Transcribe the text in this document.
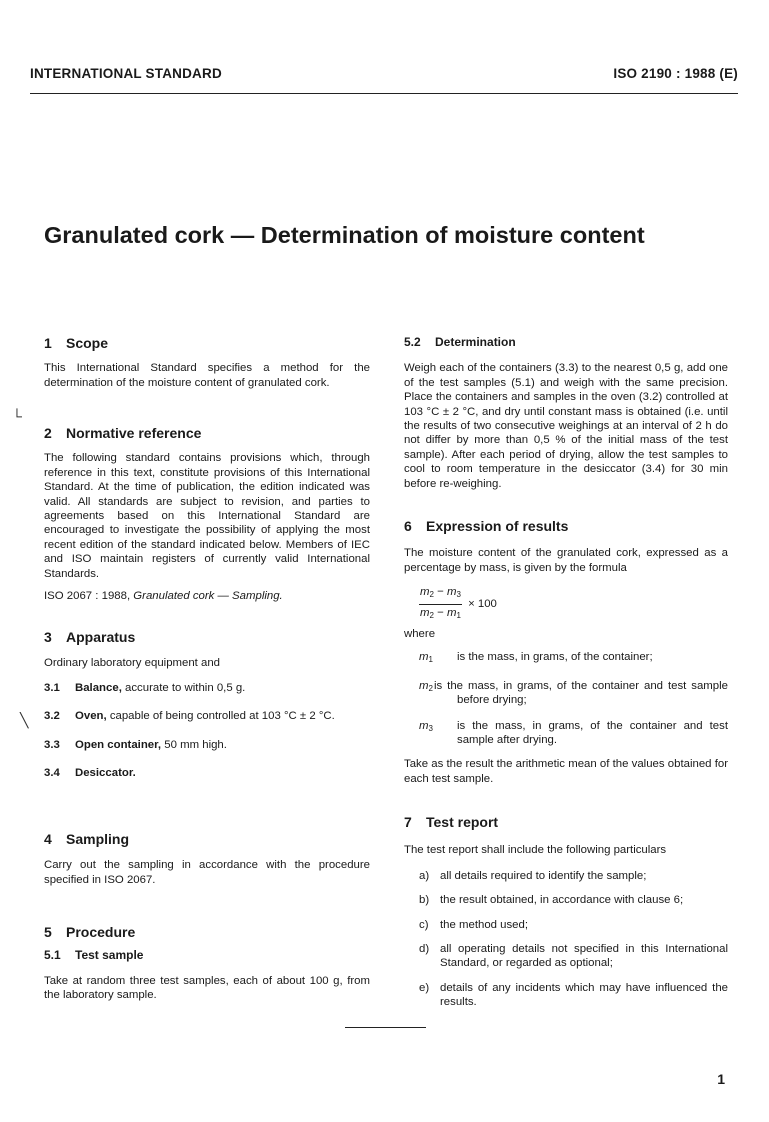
INTERNATIONAL STANDARD	ISO 2190 : 1988 (E)
Granulated cork — Determination of moisture content
└
╲
1 Scope

This International Standard specifies a method for the determination of the moisture content of granulated cork.

2 Normative reference

The following standard contains provisions which, through reference in this text, constitute provisions of this International Standard. At the time of publication, the edition indicated was valid. All standards are subject to revision, and parties to agreements based on this International Standard are encouraged to investigate the possibility of applying the most recent edition of the standard indicated below. Members of IEC and ISO maintain registers of currently valid International Standards.

ISO 2067 : 1988, Granulated cork — Sampling.

3 Apparatus

Ordinary laboratory equipment and

3.1	Balance, accurate to within 0,5 g.
3.2	Oven, capable of being controlled at 103 °C ± 2 °C.
3.3	Open container, 50 mm high.
3.4	Desiccator.
4 Sampling

Carry out the sampling in accordance with the procedure specified in ISO 2067.

5 Procedure
5.1 Test sample

Take at random three test samples, each of about 100 g, from the laboratory sample.

5.2 Determination

Weigh each of the containers (3.3) to the nearest 0,5 g, add one of the test samples (5.1) and weigh with the same precision. Place the containers and samples in the oven (3.2) controlled at 103 °C ± 2 °C, and dry until constant mass is obtained (i.e. until the results of two consecutive weighings at an interval of 2 h do not differ by more than 0,5 % of the initial mass of the test sample). After each period of drying, allow the test samples to cool to room temperature in the desiccator (3.4) for 30 min before re-weighing.

6 Expression of results

The moisture content of the granulated cork, expressed as a percentage by mass, is given by the formula

$\frac{m_2 - m_3}{m_2 - m_1} \times 100$

where

$m_1$	is the mass, in grams, of the container;
$m_2$ is the mass, in grams, of the container and test sample before drying;
$m_3$	is the mass, in grams, of the container and test sample after drying.

Take as the result the arithmetic mean of the values obtained for each test sample.

7 Test report

The test report shall include the following particulars

a) all details required to identify the sample;
b) the result obtained, in accordance with clause 6;
c)	the method used;
d) all operating details not specified in this International Standard, or regarded as optional;
e) details of any incidents which may have influenced the results.
1
